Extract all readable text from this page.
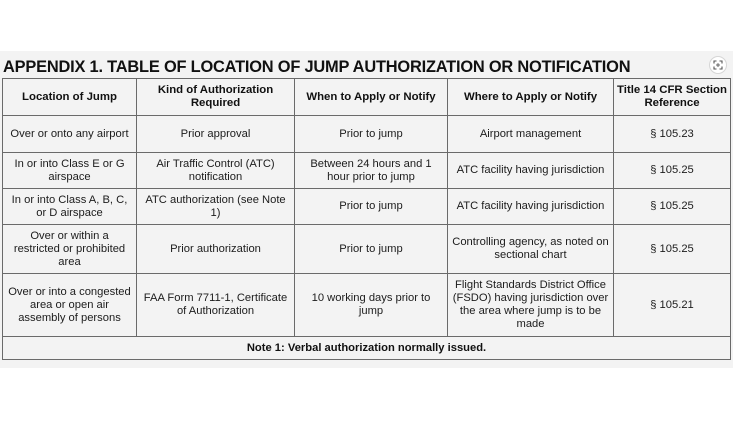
APPENDIX 1. TABLE OF LOCATION OF JUMP AUTHORIZATION OR NOTIFICATION
Location of Jump	Kind of Authorization Required	When to Apply or Notify	Where to Apply or Notify	Title 14 CFR Section Reference
Over or onto any airport	Prior approval	Prior to jump	Airport management	§ 105.23
In or into Class E or G airspace	Air Traffic Control (ATC) notification	Between 24 hours and 1 hour prior to jump	ATC facility having jurisdiction	§ 105.25
In or into Class A, B, C, or D airspace	ATC authorization (see Note 1)	Prior to jump	ATC facility having jurisdiction	§ 105.25
Over or within a restricted or prohibited area	Prior authorization	Prior to jump	Controlling agency, as noted on sectional chart	§ 105.25
Over or into a congested area or open air assembly of persons	FAA Form 7711-1, Certificate of Authorization	10 working days prior to jump	Flight Standards District Office (FSDO) having jurisdiction over the area where jump is to be made	§ 105.21
Note 1: Verbal authorization normally issued.				
